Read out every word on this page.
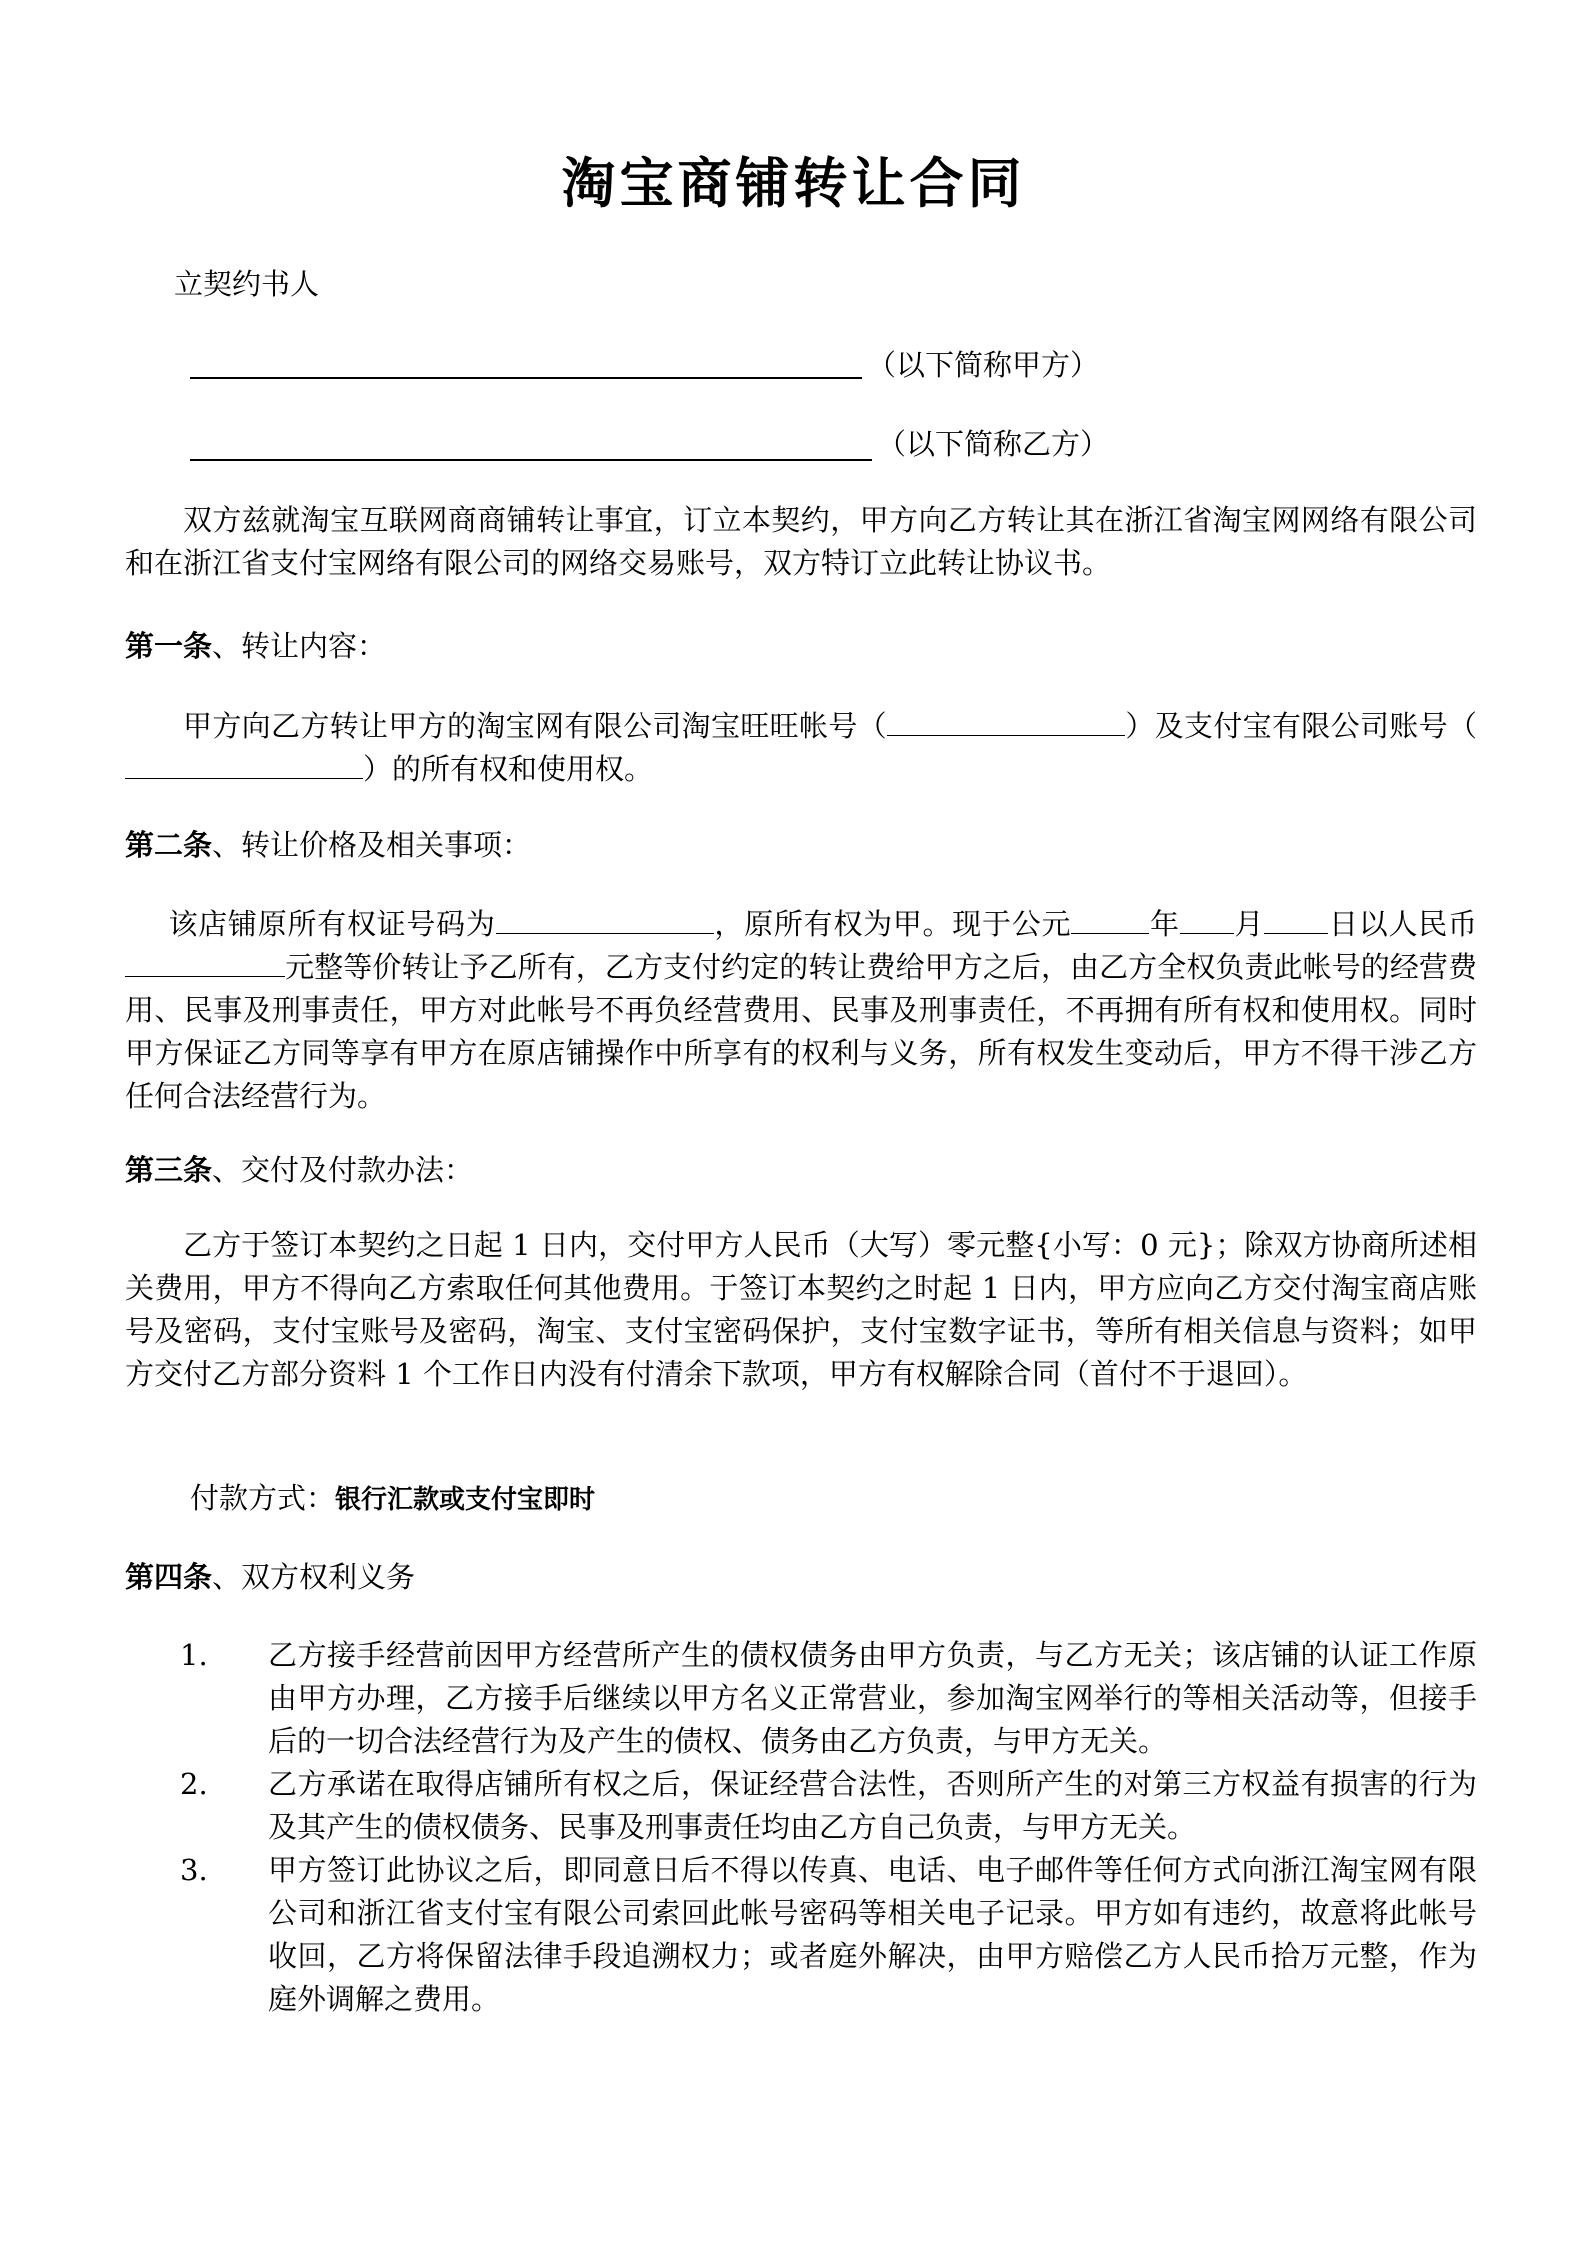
淘宝商铺转让合同
立契约书人
（以下简称甲方）
（以下简称乙方）

双方兹就淘宝互联网商商铺转让事宜，订立本契约，甲方向乙方转让其在浙江省淘宝网网络有限公司和在浙江省支付宝网络有限公司的网络交易账号，双方特订立此转让协议书。

第一条、转让内容：

甲方向乙方转让甲方的淘宝网有限公司淘宝旺旺帐号（	）及支付宝有限公司账号（）的所有权和使用权。

第二条、转让价格及相关事项：

该店铺原所有权证号码为	，原所有权为甲。现于公元	年 月 日以人民币元整等价转让予乙所有，乙方支付约定的转让费给甲方之后，由乙方全权负责此帐号的经营费用、民事及刑事责任，甲方对此帐号不再负经营费用、民事及刑事责任，不再拥有所有权和使用权。同时甲方保证乙方同等享有甲方在原店铺操作中所享有的权利与义务，所有权发生变动后，甲方不得干涉乙方任何合法经营行为。

第三条、交付及付款办法：

乙方于签订本契约之日起 1 日内，交付甲方人民币（大写）零元整{小写：0 元}；除双方协商所述相关费用，甲方不得向乙方索取任何其他费用。于签订本契约之时起 1 日内，甲方应向乙方交付淘宝商店账号及密码，支付宝账号及密码，淘宝、支付宝密码保护，支付宝数字证书，等所有相关信息与资料；如甲方交付乙方部分资料 1 个工作日内没有付清余下款项，甲方有权解除合同（首付不于退回）。

付款方式：银行汇款或支付宝即时
第四条、双方权利义务
1. 乙方接手经营前因甲方经营所产生的债权债务由甲方负责，与乙方无关；该店铺的认证工作原由甲方办理，乙方接手后继续以甲方名义正常营业，参加淘宝网举行的等相关活动等，但接手后的一切合法经营行为及产生的债权、债务由乙方负责，与甲方无关。

2. 乙方承诺在取得店铺所有权之后，保证经营合法性，否则所产生的对第三方权益有损害的行为及其产生的债权债务、民事及刑事责任均由乙方自己负责，与甲方无关。

3. 甲方签订此协议之后，即同意日后不得以传真、电话、电子邮件等任何方式向浙江淘宝网有限公司和浙江省支付宝有限公司索回此帐号密码等相关电子记录。甲方如有违约，故意将此帐号收回，乙方将保留法律手段追溯权力；或者庭外解决，由甲方赔偿乙方人民币拾万元整，作为庭外调解之费用。
